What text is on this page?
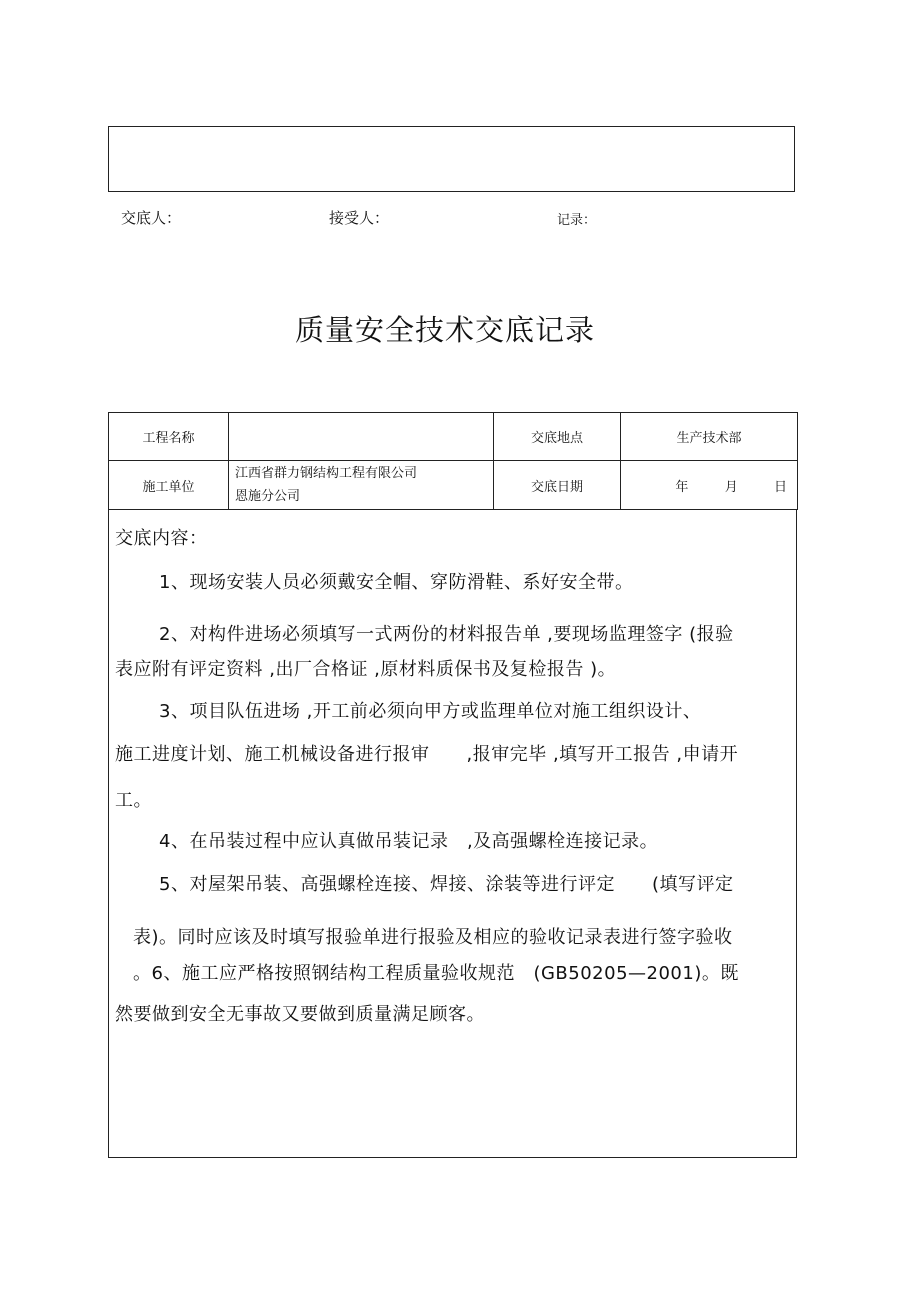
交底人：	接受人：	记录：
质量安全技术交底记录
工程名称		交底地点	生产技术部
施工单位	江西省群力钢结构工程有限公司
恩施分公司	交底日期	年 月 日
交底内容：
1、现场安装人员必须戴安全帽、穿防滑鞋、系好安全带。
2、对构件进场必须填写一式两份的材料报告单 ,要现场监理签字 (报验
表应附有评定资料 ,出厂合格证 ,原材料质保书及复检报告 )。
3、项目队伍进场 ,开工前必须向甲方或监理单位对施工组织设计、
施工进度计划、施工机械设备进行报审　　,报审完毕 ,填写开工报告 ,申请开
工。
4、在吊装过程中应认真做吊装记录　,及高强螺栓连接记录。
5、对屋架吊装、高强螺栓连接、焊接、涂装等进行评定　　(填写评定
表)。同时应该及时填写报验单进行报验及相应的验收记录表进行签字验收
。6、施工应严格按照钢结构工程质量验收规范　(GB50205—2001)。既
然要做到安全无事故又要做到质量满足顾客。
